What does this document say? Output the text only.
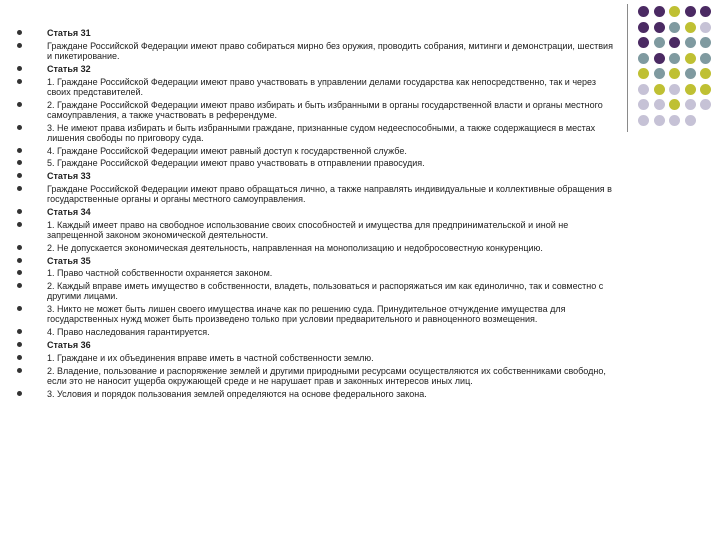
Статья 31
Граждане Российской Федерации имеют право собираться мирно без оружия, проводить собрания, митинги и демонстрации, шествия и пикетирование.
Статья 32
1. Граждане Российской Федерации имеют право участвовать в управлении делами государства как непосредственно, так и через своих представителей.
2. Граждане Российской Федерации имеют право избирать и быть избранными в органы государственной власти и органы местного самоуправления, а также участвовать в референдуме.
3. Не имеют права избирать и быть избранными граждане, признанные судом недееспособными, а также содержащиеся в местах лишения свободы по приговору суда.
4. Граждане Российской Федерации имеют равный доступ к государственной службе.
5. Граждане Российской Федерации имеют право участвовать в отправлении правосудия.
Статья 33
Граждане Российской Федерации имеют право обращаться лично, а также направлять индивидуальные и коллективные обращения в государственные органы и органы местного самоуправления.
Статья 34
1. Каждый имеет право на свободное использование своих способностей и имущества для предпринимательской и иной не запрещенной законом экономической деятельности.
2. Не допускается экономическая деятельность, направленная на монополизацию и недобросовестную конкуренцию.
Статья 35
1. Право частной собственности охраняется законом.
2. Каждый вправе иметь имущество в собственности, владеть, пользоваться и распоряжаться им как единолично, так и совместно с другими лицами.
3. Никто не может быть лишен своего имущества иначе как по решению суда. Принудительное отчуждение имущества для государственных нужд может быть произведено только при условии предварительного и равноценного возмещения.
4. Право наследования гарантируется.
Статья 36
1. Граждане и их объединения вправе иметь в частной собственности землю.
2. Владение, пользование и распоряжение землей и другими природными ресурсами осуществляются их собственниками свободно, если это не наносит ущерба окружающей среде и не нарушает прав и законных интересов иных лиц.
3. Условия и порядок пользования землей определяются на основе федерального закона.
